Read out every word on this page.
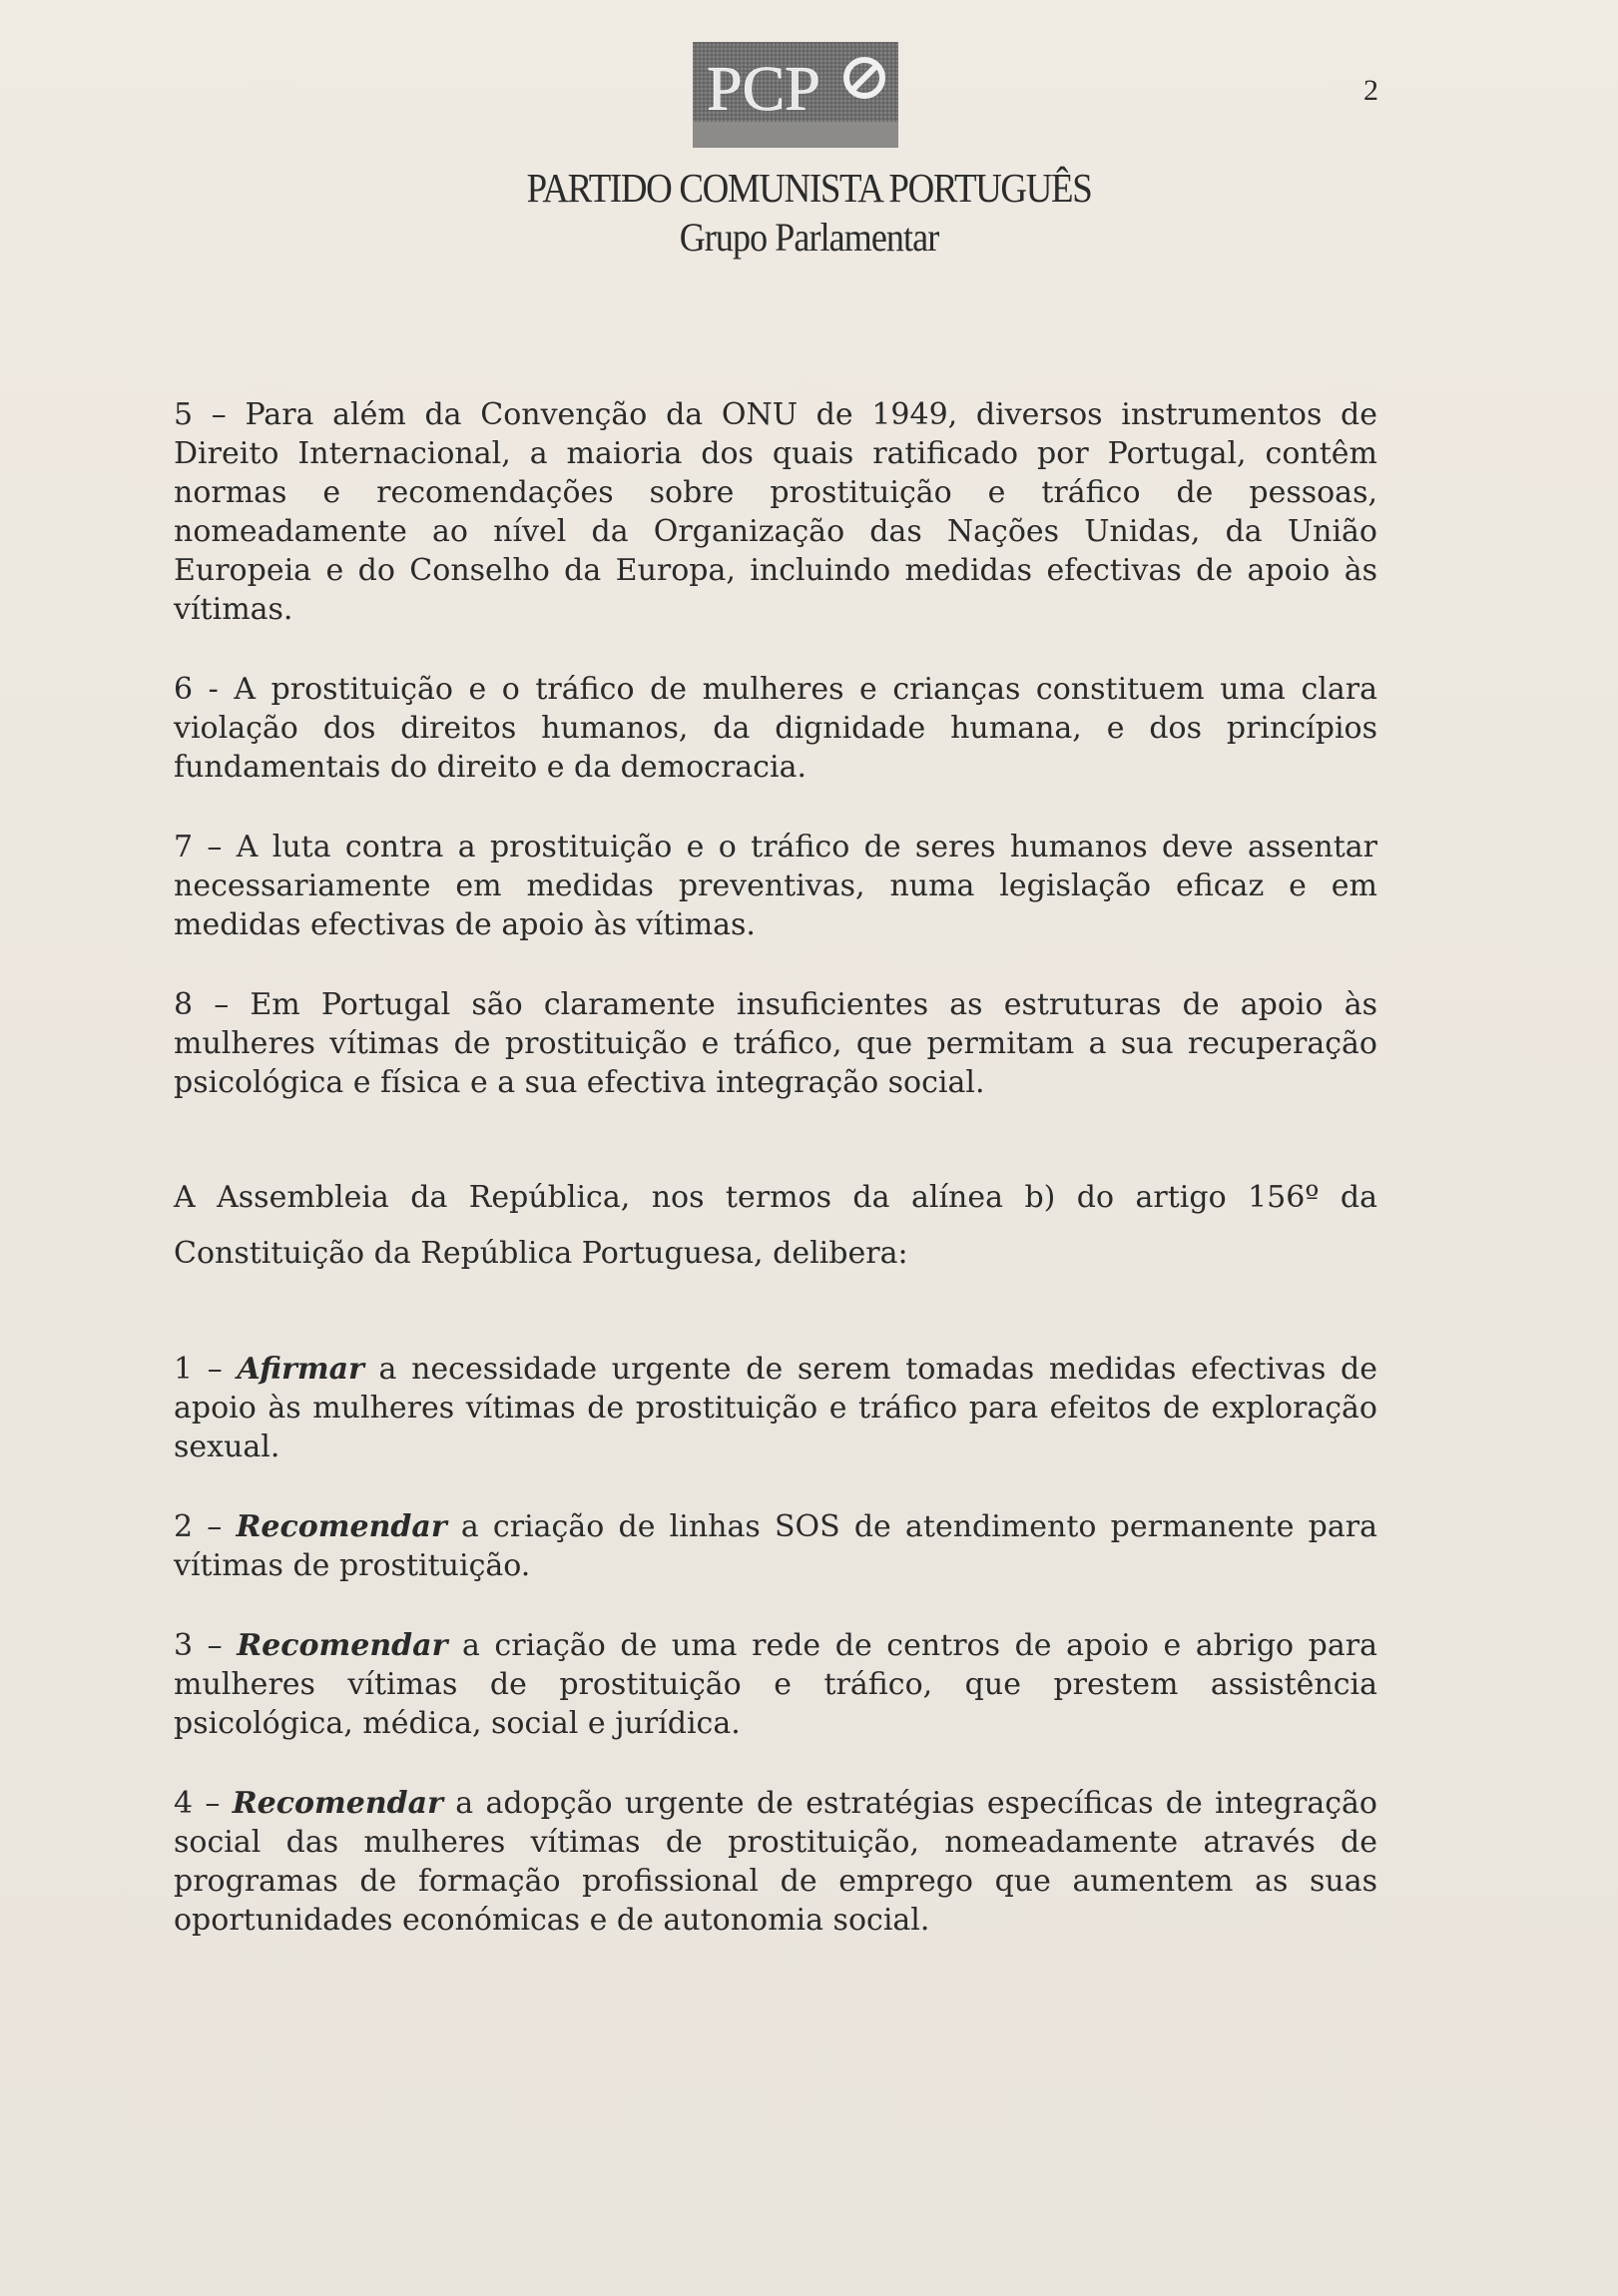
2
PCP
PARTIDO COMUNISTA PORTUGUÊS
Grupo Parlamentar

5 – Para além da Convenção da ONU de 1949, diversos instrumentos de Direito Internacional, a maioria dos quais ratificado por Portugal, contêm normas e recomendações sobre prostituição e tráfico de pessoas, nomeadamente ao nível da Organização das Nações Unidas, da União Europeia e do Conselho da Europa, incluindo medidas efectivas de apoio às vítimas.

6 - A prostituição e o tráfico de mulheres e crianças constituem uma clara violação dos direitos humanos, da dignidade humana, e dos princípios fundamentais do direito e da democracia.

7 – A luta contra a prostituição e o tráfico de seres humanos deve assentar necessariamente em medidas preventivas, numa legislação eficaz e em medidas efectivas de apoio às vítimas.

8 – Em Portugal são claramente insuficientes as estruturas de apoio às mulheres vítimas de prostituição e tráfico, que permitam a sua recuperação psicológica e física e a sua efectiva integração social.

A Assembleia da República, nos termos da alínea b) do artigo 156º da Constituição da República Portuguesa, delibera:

1 – Afirmar a necessidade urgente de serem tomadas medidas efectivas de apoio às mulheres vítimas de prostituição e tráfico para efeitos de exploração sexual.

2 – Recomendar a criação de linhas SOS de atendimento permanente para vítimas de prostituição.

3 – Recomendar a criação de uma rede de centros de apoio e abrigo para mulheres vítimas de prostituição e tráfico, que prestem assistência psicológica, médica, social e jurídica.

4 – Recomendar a adopção urgente de estratégias específicas de integração social das mulheres vítimas de prostituição, nomeadamente através de programas de formação profissional de emprego que aumentem as suas oportunidades económicas e de autonomia social.
